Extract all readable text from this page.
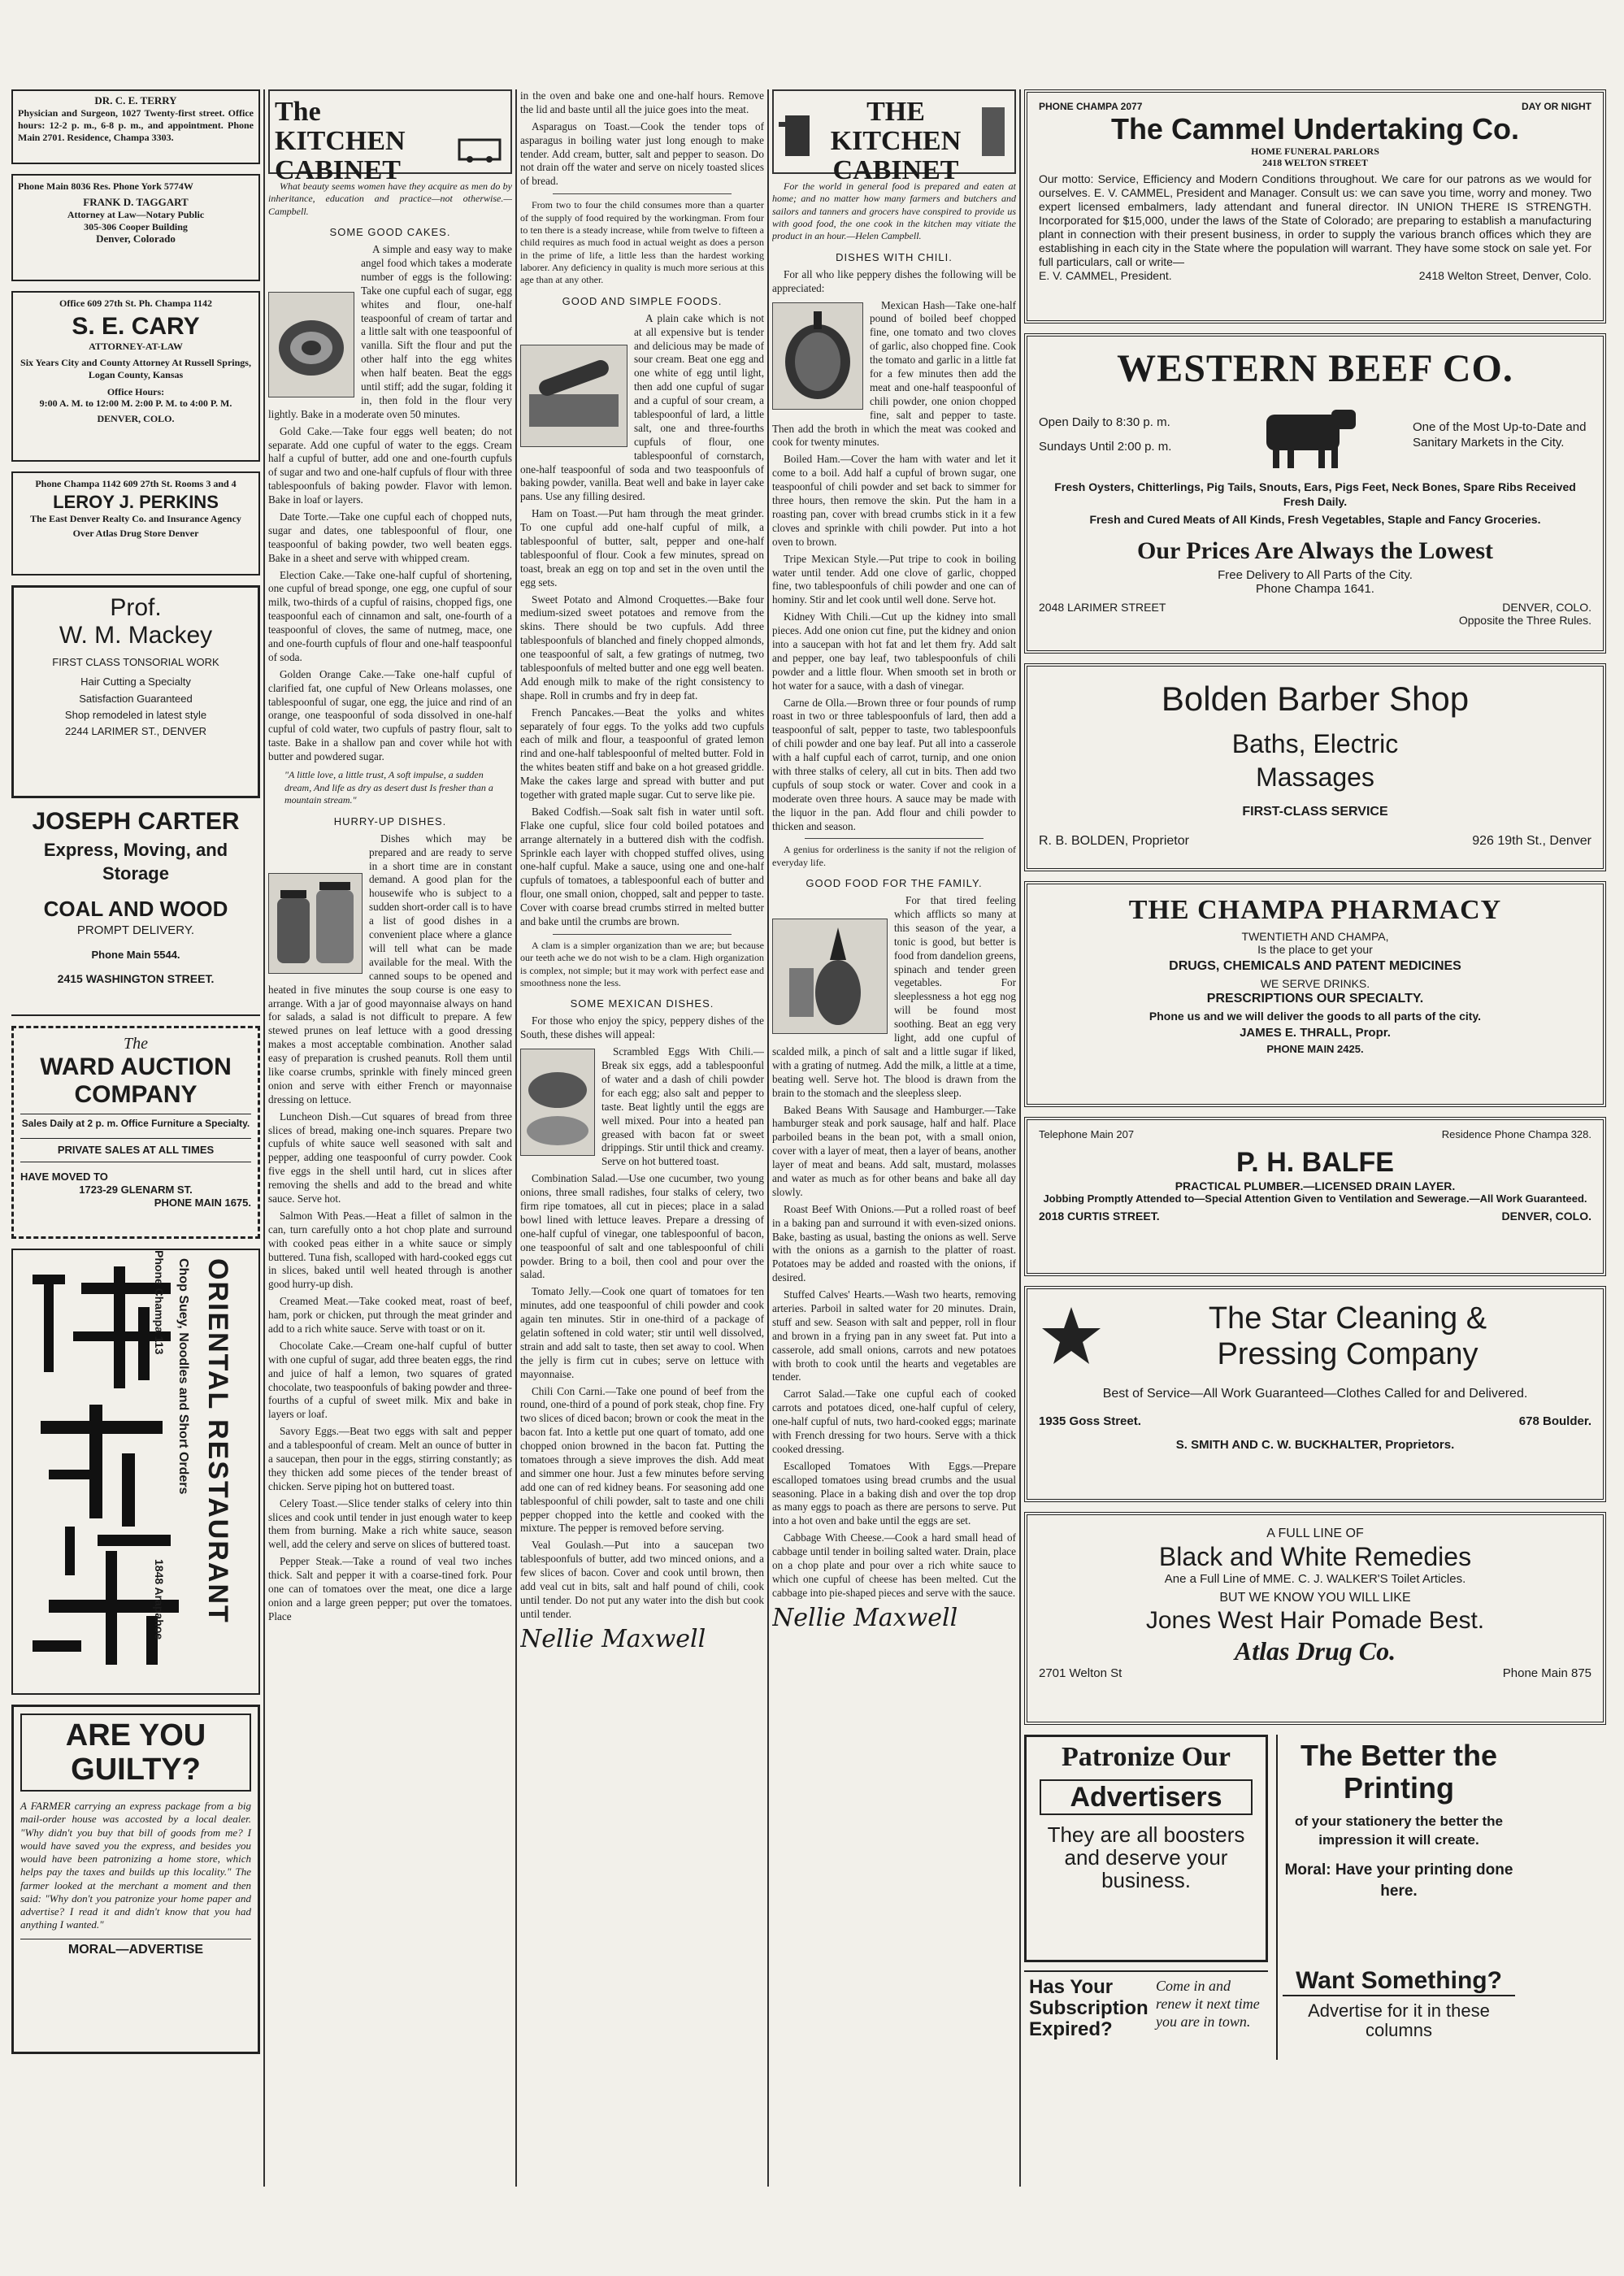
DR. C. E. TERRY
Physician and Surgeon, 1027 Twenty-first street. Office hours: 12-2 p. m., 6-8 p. m., and appointment. Phone Main 2701. Residence, Champa 3303.
Phone Main 8036 Res. Phone York 5774W
FRANK D. TAGGART
Attorney at Law—Notary Public
305-306 Cooper Building
Denver, Colorado
Office 609 27th St. Ph. Champa 1142
S. E. CARY
ATTORNEY-AT-LAW
Six Years City and County Attorney At Russell Springs, Logan County, Kansas
Office Hours:
9:00 A. M. to 12:00 M. 2:00 P. M. to 4:00 P. M.
DENVER, COLO.
Phone Champa 1142 609 27th St. Rooms 3 and 4
LEROY J. PERKINS
The East Denver Realty Co. and Insurance Agency
Over Atlas Drug Store Denver
Prof.
W. M. Mackey
FIRST CLASS TONSORIAL WORK
Hair Cutting a Specialty
Satisfaction Guaranteed
Shop remodeled in latest style
2244 LARIMER ST., DENVER
JOSEPH CARTER
Express, Moving, and Storage
COAL AND WOOD
PROMPT DELIVERY.
Phone Main 5544.
2415 WASHINGTON STREET.
The
WARD AUCTION
COMPANY
Sales Daily at 2 p. m. Office Furniture a Specialty.
PRIVATE SALES AT ALL TIMES
HAVE MOVED TO
1723-29 GLENARM ST.
PHONE MAIN 1675.
ORIENTAL RESTAURANT
Chop Suey, Noodles and Short Orders
Phone Champa 113
1848 Arapahoe
ARE YOU GUILTY?
A FARMER carrying an express package from a big mail-order house was accosted by a local dealer. "Why didn't you buy that bill of goods from me? I would have saved you the express, and besides you would have been patronizing a home store, which helps pay the taxes and builds up this locality." The farmer looked at the merchant a moment and then said: "Why don't you patronize your home paper and advertise? I read it and didn't know that you had anything I wanted."
MORAL—ADVERTISE
The KITCHEN CABINET

What beauty seems women have they acquire as men do by inheritance, education and practice—not otherwise.—Campbell.

SOME GOOD CAKES.

A simple and easy way to make angel food which takes a moderate number of eggs is the following: Take one cupful each of sugar, egg whites and flour, one-half teaspoonful of cream of tartar and a little salt with one teaspoonful of vanilla. Sift the flour and put the other half into the egg whites when half beaten. Beat the eggs until stiff; add the sugar, folding it in, then fold in the flour very lightly. Bake in a moderate oven 50 minutes.

Gold Cake.—Take four eggs well beaten; do not separate. Add one cupful of water to the eggs. Cream half a cupful of butter, add one and one-fourth cupfuls of sugar and two and one-half cupfuls of flour with three tablespoonfuls of baking powder. Flavor with lemon. Bake in loaf or layers.

Date Torte.—Take one cupful each of chopped nuts, sugar and dates, one tablespoonful of flour, one teaspoonful of baking powder, two well beaten eggs. Bake in a sheet and serve with whipped cream.

Election Cake.—Take one-half cupful of shortening, one cupful of bread sponge, one egg, one cupful of sour milk, two-thirds of a cupful of raisins, chopped figs, one teaspoonful each of cinnamon and salt, one-fourth of a teaspoonful of cloves, the same of nutmeg, mace, one and one-fourth cupfuls of flour and one-half teaspoonful of soda.

Golden Orange Cake.—Take one-half cupful of clarified fat, one cupful of New Orleans molasses, one tablespoonful of sugar, one egg, the juice and rind of an orange, one teaspoonful of soda dissolved in one-half cupful of cold water, two cupfuls of pastry flour, salt to taste. Bake in a shallow pan and cover while hot with butter and powdered sugar.

"A little love, a little trust, A soft impulse, a sudden dream, And life as dry as desert dust Is fresher than a mountain stream."
HURRY-UP DISHES.

Dishes which may be prepared and are ready to serve in a short time are in constant demand. A good plan for the housewife who is subject to a sudden short-order call is to have a list of good dishes in a convenient place where a glance will tell what can be made available for the meal. With the canned soups to be opened and heated in five minutes the soup course is one easy to arrange. With a jar of good mayonnaise always on hand for salads, a salad is not difficult to prepare. A few stewed prunes on leaf lettuce with a good dressing makes a most acceptable combination. Another salad easy of preparation is crushed peanuts. Roll them until like coarse crumbs, sprinkle with finely minced green onion and serve with either French or mayonnaise dressing on lettuce.

Luncheon Dish.—Cut squares of bread from three slices of bread, making one-inch squares. Prepare two cupfuls of white sauce well seasoned with salt and pepper, adding one teaspoonful of curry powder. Cook five eggs in the shell until hard, cut in slices after removing the shells and add to the bread and white sauce. Serve hot.

Salmon With Peas.—Heat a fillet of salmon in the can, turn carefully onto a hot chop plate and surround with cooked peas either in a white sauce or simply buttered. Tuna fish, scalloped with hard-cooked eggs cut in slices, baked until well heated through is another good hurry-up dish.

Creamed Meat.—Take cooked meat, roast of beef, ham, pork or chicken, put through the meat grinder and add to a rich white sauce. Serve with toast or on it.

Chocolate Cake.—Cream one-half cupful of butter with one cupful of sugar, add three beaten eggs, the rind and juice of half a lemon, two squares of grated chocolate, two teaspoonfuls of baking powder and three-fourths of a cupful of sweet milk. Mix and bake in layers or loaf.

Savory Eggs.—Beat two eggs with salt and pepper and a tablespoonful of cream. Melt an ounce of butter in a saucepan, then pour in the eggs, stirring constantly; as they thicken add some pieces of the tender breast of chicken. Serve piping hot on buttered toast.

Celery Toast.—Slice tender stalks of celery into thin slices and cook until tender in just enough water to keep them from burning. Make a rich white sauce, season well, add the celery and serve on slices of buttered toast.

Pepper Steak.—Take a round of veal two inches thick. Salt and pepper it with a coarse-tined fork. Pour one can of tomatoes over the meat, one dice a large onion and a large green pepper; put over the tomatoes. Place

in the oven and bake one and one-half hours. Remove the lid and baste until all the juice goes into the meat.

Asparagus on Toast.—Cook the tender tops of asparagus in boiling water just long enough to make tender. Add cream, butter, salt and pepper to season. Do not drain off the water and serve on nicely toasted slices of bread.

From two to four the child consumes more than a quarter of the supply of food required by the workingman. From four to ten there is a steady increase, while from twelve to fifteen a child requires as much food in actual weight as does a person in the prime of life, a little less than the hardest working laborer. Any deficiency in quality is much more serious at this age than at any other.

GOOD AND SIMPLE FOODS.

A plain cake which is not at all expensive but is tender and delicious may be made of sour cream. Beat one egg and one white of egg until light, then add one cupful of sugar and a cupful of sour cream, a tablespoonful of lard, a little salt, one and three-fourths cupfuls of flour, one tablespoonful of cornstarch, one-half teaspoonful of soda and two teaspoonfuls of baking powder, vanilla. Beat well and bake in layer cake pans. Use any filling desired.

Ham on Toast.—Put ham through the meat grinder. To one cupful add one-half cupful of milk, a tablespoonful of butter, salt, pepper and one-half tablespoonful of flour. Cook a few minutes, spread on toast, break an egg on top and set in the oven until the egg sets.

Sweet Potato and Almond Croquettes.—Bake four medium-sized sweet potatoes and remove from the skins. There should be two cupfuls. Add three tablespoonfuls of blanched and finely chopped almonds, one teaspoonful of salt, a few gratings of nutmeg, two tablespoonfuls of melted butter and one egg well beaten. Add enough milk to make of the right consistency to shape. Roll in crumbs and fry in deep fat.

French Pancakes.—Beat the yolks and whites separately of four eggs. To the yolks add two cupfuls each of milk and flour, a teaspoonful of grated lemon rind and one-half tablespoonful of melted butter. Fold in the whites beaten stiff and bake on a hot greased griddle. Make the cakes large and spread with butter and put together with grated maple sugar. Cut to serve like pie.

Baked Codfish.—Soak salt fish in water until soft. Flake one cupful, slice four cold boiled potatoes and arrange alternately in a buttered dish with the codfish. Sprinkle each layer with chopped stuffed olives, using one-half cupful. Make a sauce, using one and one-half cupfuls of tomatoes, a tablespoonful each of butter and flour, one small onion, chopped, salt and pepper to taste. Cover with coarse bread crumbs stirred in melted butter and bake until the crumbs are brown.

A clam is a simpler organization than we are; but because our teeth ache we do not wish to be a clam. High organization is complex, not simple; but it may work with perfect ease and smoothness none the less.

SOME MEXICAN DISHES.

For those who enjoy the spicy, peppery dishes of the South, these dishes will appeal:

Scrambled Eggs With Chili.—Break six eggs, add a tablespoonful of water and a dash of chili powder for each egg; also salt and pepper to taste. Beat lightly until the eggs are well mixed. Pour into a heated pan greased with bacon fat or sweet drippings. Stir until thick and creamy. Serve on hot buttered toast.

Combination Salad.—Use one cucumber, two young onions, three small radishes, four stalks of celery, two firm ripe tomatoes, all cut in pieces; place in a salad bowl lined with lettuce leaves. Prepare a dressing of one-half cupful of vinegar, one tablespoonful of bacon, one teaspoonful of salt and one tablespoonful of chili powder. Bring to a boil, then cool and pour over the salad.

Tomato Jelly.—Cook one quart of tomatoes for ten minutes, add one teaspoonful of chili powder and cook again ten minutes. Stir in one-third of a package of gelatin softened in cold water; stir until well dissolved, strain and add salt to taste, then set away to cool. When the jelly is firm cut in cubes; serve on lettuce with mayonnaise.

Chili Con Carni.—Take one pound of beef from the round, one-third of a pound of pork steak, chop fine. Fry two slices of diced bacon; brown or cook the meat in the bacon fat. Into a kettle put one quart of tomato, add one chopped onion browned in the bacon fat. Putting the tomatoes through a sieve improves the dish. Add meat and simmer one hour. Just a few minutes before serving add one can of red kidney beans. For seasoning add one tablespoonful of chili powder, salt to taste and one chili pepper chopped into the kettle and cooked with the mixture. The pepper is removed before serving.

Veal Goulash.—Put into a saucepan two tablespoonfuls of butter, add two minced onions, and a few slices of bacon. Cover and cook until brown, then add veal cut in bits, salt and half pound of chili, cook until tender. Do not put any water into the dish but cook until tender.

Nellie Maxwell
THE KITCHEN CABINET

For the world in general food is prepared and eaten at home; and no matter how many farmers and butchers and sailors and tanners and grocers have conspired to provide us with good food, the one cook in the kitchen may vitiate the product in an hour.—Helen Campbell.

DISHES WITH CHILI.

For all who like peppery dishes the following will be appreciated:

Mexican Hash—Take one-half pound of boiled beef chopped fine, one tomato and two cloves of garlic, also chopped fine. Cook the tomato and garlic in a little fat for a few minutes then add the meat and one-half teaspoonful of chili powder, one onion chopped fine, salt and pepper to taste. Then add the broth in which the meat was cooked and cook for twenty minutes.

Boiled Ham.—Cover the ham with water and let it come to a boil. Add half a cupful of brown sugar, one teaspoonful of chili powder and set back to simmer for three hours, then remove the skin. Put the ham in a roasting pan, cover with bread crumbs stick in it a few cloves and sprinkle with chili powder. Put into a hot oven to brown.

Tripe Mexican Style.—Put tripe to cook in boiling water until tender. Add one clove of garlic, chopped fine, two tablespoonfuls of chili powder and one can of hominy. Stir and let cook until well done. Serve hot.

Kidney With Chili.—Cut up the kidney into small pieces. Add one onion cut fine, put the kidney and onion into a saucepan with hot fat and let them fry. Add salt and pepper, one bay leaf, two tablespoonfuls of chili powder and a little flour. When smooth set in broth or hot water for a sauce, with a dash of vinegar.

Carne de Olla.—Brown three or four pounds of rump roast in two or three tablespoonfuls of lard, then add a teaspoonful of salt, pepper to taste, two tablespoonfuls of chili powder and one bay leaf. Put all into a casserole with a half cupful each of carrot, turnip, and one onion with three stalks of celery, all cut in bits. Then add two cupfuls of soup stock or water. Cover and cook in a moderate oven three hours. A sauce may be made with the liquor in the pan. Add flour and chili powder to thicken and season.

A genius for orderliness is the sanity if not the religion of everyday life.

GOOD FOOD FOR THE FAMILY.

For that tired feeling which afflicts so many at this season of the year, a tonic is good, but better is food from dandelion greens, spinach and tender green vegetables. For sleeplessness a hot egg nog will be found most soothing. Beat an egg very light, add one cupful of scalded milk, a pinch of salt and a little sugar if liked, with a grating of nutmeg. Add the milk, a little at a time, beating well. Serve hot. The blood is drawn from the brain to the stomach and the sleepless sleep.

Baked Beans With Sausage and Hamburger.—Take hamburger steak and pork sausage, half and half. Place parboiled beans in the bean pot, with a small onion, cover with a layer of meat, then a layer of beans, another layer of meat and beans. Add salt, mustard, molasses and water as much as for other beans and bake all day slowly.

Roast Beef With Onions.—Put a rolled roast of beef in a baking pan and surround it with even-sized onions. Bake, basting as usual, basting the onions as well. Serve with the onions as a garnish to the platter of roast. Potatoes may be added and roasted with the onions, if desired.

Stuffed Calves' Hearts.—Wash two hearts, removing arteries. Parboil in salted water for 20 minutes. Drain, stuff and sew. Season with salt and pepper, roll in flour and brown in a frying pan in any sweet fat. Put into a casserole, add small onions, carrots and new potatoes with broth to cook until the hearts and vegetables are tender.

Carrot Salad.—Take one cupful each of cooked carrots and potatoes diced, one-half cupful of celery, one-half cupful of nuts, two hard-cooked eggs; marinate with French dressing for two hours. Serve with a thick cooked dressing.

Escalloped Tomatoes With Eggs.—Prepare escalloped tomatoes using bread crumbs and the usual seasoning. Place in a baking dish and over the top drop as many eggs to poach as there are persons to serve. Put into a hot oven and bake until the eggs are set.

Cabbage With Cheese.—Cook a hard small head of cabbage until tender in boiling salted water. Drain, place on a chop plate and pour over a rich white sauce to which one cupful of cheese has been melted. Cut the cabbage into pie-shaped pieces and serve with the sauce.

Nellie Maxwell
PHONE CHAMPA 2077	DAY OR NIGHT
The Cammel Undertaking Co.
HOME FUNERAL PARLORS
2418 WELTON STREET
Our motto: Service, Efficiency and Modern Conditions throughout. We care for our patrons as we would for ourselves. E. V. CAMMEL, President and Manager. Consult us: we can save you time, worry and money. Two expert licensed embalmers, lady attendant and funeral director. IN UNION THERE IS STRENGTH. Incorporated for $15,000, under the laws of the State of Colorado; are preparing to establish a manufacturing plant in connection with their present business, in order to supply the various branch offices which they are establishing in each city in the State where the population will warrant. They have some stock on sale yet. For full particulars, call or write—
E. V. CAMMEL, President.	2418 Welton Street, Denver, Colo.
WESTERN BEEF CO.
Open Daily to 8:30 p. m.
Sundays Until 2:00 p. m.
One of the Most Up-to-Date and Sanitary Markets in the City.
Fresh Oysters, Chitterlings, Pig Tails, Snouts, Ears, Pigs Feet, Neck Bones, Spare Ribs Received Fresh Daily.
Fresh and Cured Meats of All Kinds, Fresh Vegetables, Staple and Fancy Groceries.
Our Prices Are Always the Lowest
Free Delivery to All Parts of the City.
Phone Champa 1641.
2048 LARIMER STREET	DENVER, COLO.
Opposite the Three Rules.
Bolden Barber Shop
Baths, Electric
Massages
FIRST-CLASS SERVICE
R. B. BOLDEN, Proprietor	926 19th St., Denver
THE CHAMPA PHARMACY
TWENTIETH AND CHAMPA,
Is the place to get your
DRUGS, CHEMICALS AND PATENT MEDICINES
WE SERVE DRINKS.
PRESCRIPTIONS OUR SPECIALTY.
Phone us and we will deliver the goods to all parts of the city.
JAMES E. THRALL, Propr.
PHONE MAIN 2425.
Telephone Main 207	Residence Phone Champa 328.
P. H. BALFE
PRACTICAL PLUMBER.—LICENSED DRAIN LAYER.
Jobbing Promptly Attended to—Special Attention Given to Ventilation and Sewerage.—All Work Guaranteed.
2018 CURTIS STREET.	DENVER, COLO.
The Star Cleaning &
Pressing Company
Best of Service—All Work Guaranteed—Clothes Called for and Delivered.
1935 Goss Street.	678 Boulder.
S. SMITH AND C. W. BUCKHALTER, Proprietors.
A FULL LINE OF
Black and White Remedies
Ane a Full Line of MME. C. J. WALKER'S Toilet Articles.
BUT WE KNOW YOU WILL LIKE
Jones West Hair Pomade Best.
Atlas Drug Co.
2701 Welton St	Phone Main 875
Patronize Our
Advertisers
They are all boosters and deserve your business.
The Better the Printing
of your stationery the better the impression it will create.
Moral: Have your printing done here.
Has Your Subscription Expired?
Come in and renew it next time you are in town.
Want Something?
Advertise for it in these columns
